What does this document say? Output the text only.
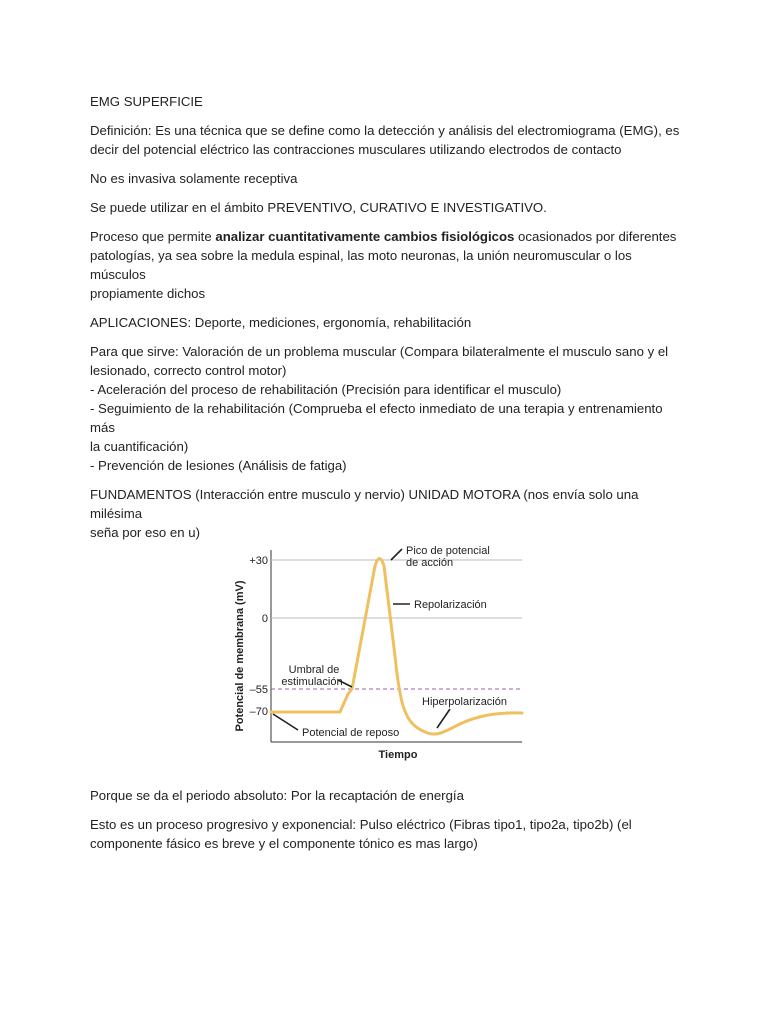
EMG SUPERFICIE

Definición: Es una técnica que se define como la detección y análisis del electromiograma (EMG), es
decir del potencial eléctrico las contracciones musculares utilizando electrodos de contacto

No es invasiva solamente receptiva

Se puede utilizar en el ámbito PREVENTIVO, CURATIVO E INVESTIGATIVO.

Proceso que permite analizar cuantitativamente cambios fisiológicos ocasionados por diferentes
patologías, ya sea sobre la medula espinal, las moto neuronas, la unión neuromuscular o los músculos
propiamente dichos

APLICACIONES: Deporte, mediciones, ergonomía, rehabilitación

Para que sirve: Valoración de un problema muscular (Compara bilateralmente el musculo sano y el
lesionado, correcto control motor)
- Aceleración del proceso de rehabilitación (Precisión para identificar el musculo)
- Seguimiento de la rehabilitación (Comprueba el efecto inmediato de una terapia y entrenamiento más
la cuantificación)
- Prevención de lesiones (Análisis de fatiga)

FUNDAMENTOS (Interacción entre musculo y nervio) UNIDAD MOTORA (nos envía solo una milésima
seña por eso en u)

Potencial de membrana (mV)
+30
0
–55
–70
Pico de potencial
de acción
Repolarización
Umbral de
estimulación
Hiperpolarización
Potencial de reposo
Tiempo

Porque se da el periodo absoluto: Por la recaptación de energía

Esto es un proceso progresivo y exponencial: Pulso eléctrico (Fibras tipo1, tipo2a, tipo2b) (el
componente fásico es breve y el componente tónico es mas largo)
